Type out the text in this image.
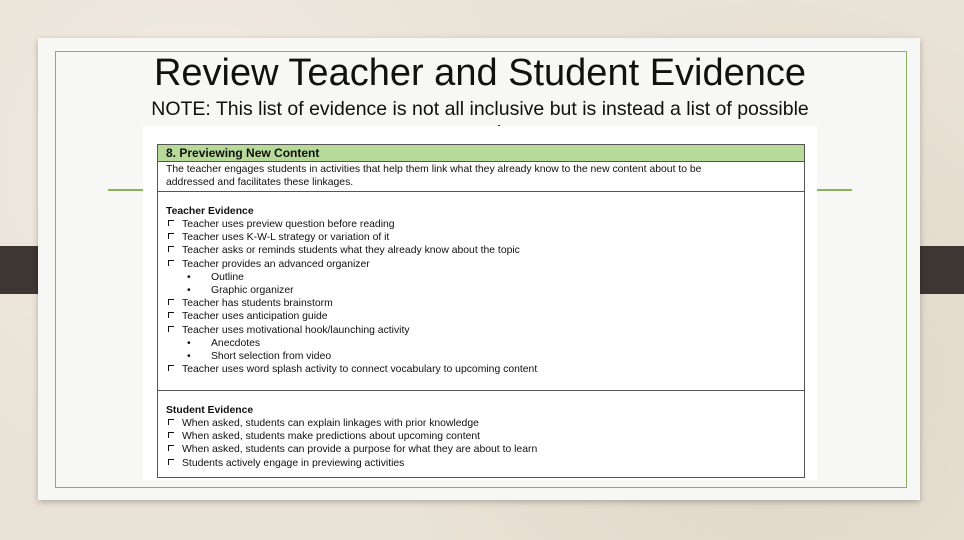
Review Teacher and Student Evidence
NOTE: This list of evidence is not all inclusive but is instead a list of possible
8. Previewing New Content
The teacher engages students in activities that help them link what they already know to the new content about to be
addressed and facilitates these linkages.
Teacher Evidence
Teacher uses preview question before reading
Teacher uses K-W-L strategy or variation of it
Teacher asks or reminds students what they already know about the topic
Teacher provides an advanced organizer
• Outline
• Graphic organizer
Teacher has students brainstorm
Teacher uses anticipation guide
Teacher uses motivational hook/launching activity
• Anecdotes
• Short selection from video
Teacher uses word splash activity to connect vocabulary to upcoming content
Student Evidence
When asked, students can explain linkages with prior knowledge
When asked, students make predictions about upcoming content
When asked, students can provide a purpose for what they are about to learn
Students actively engage in previewing activities
